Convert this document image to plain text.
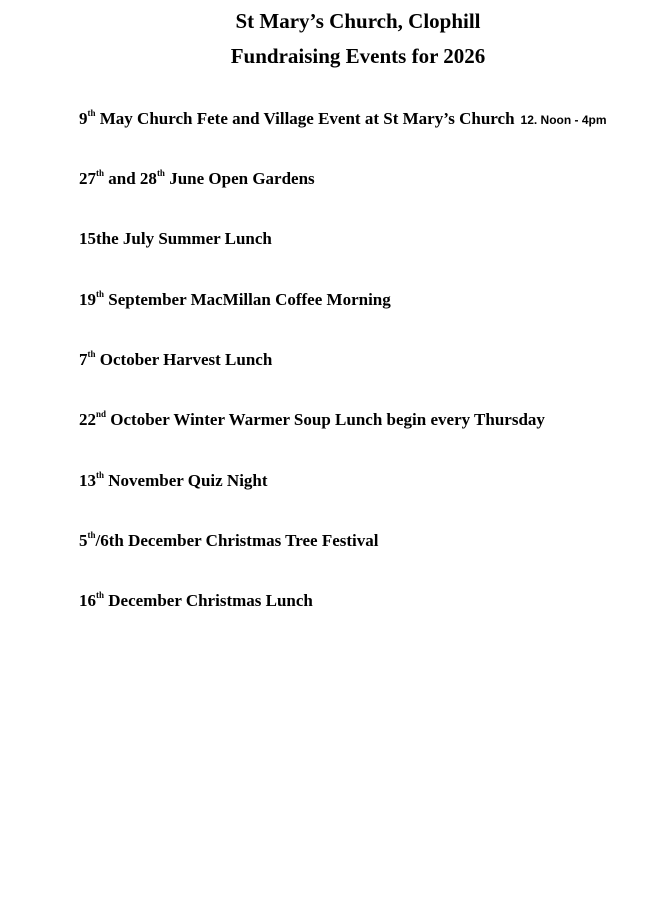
St Mary’s Church, Clophill
Fundraising Events for 2026
9th May Church Fete and Village Event at St Mary’s Church 12. Noon - 4pm
27th and 28th June Open Gardens
15the July Summer Lunch
19th September MacMillan Coffee Morning
7th October Harvest Lunch
22nd October Winter Warmer Soup Lunch begin every Thursday
13th November Quiz Night
5th/6th December Christmas Tree Festival
16th December Christmas Lunch
